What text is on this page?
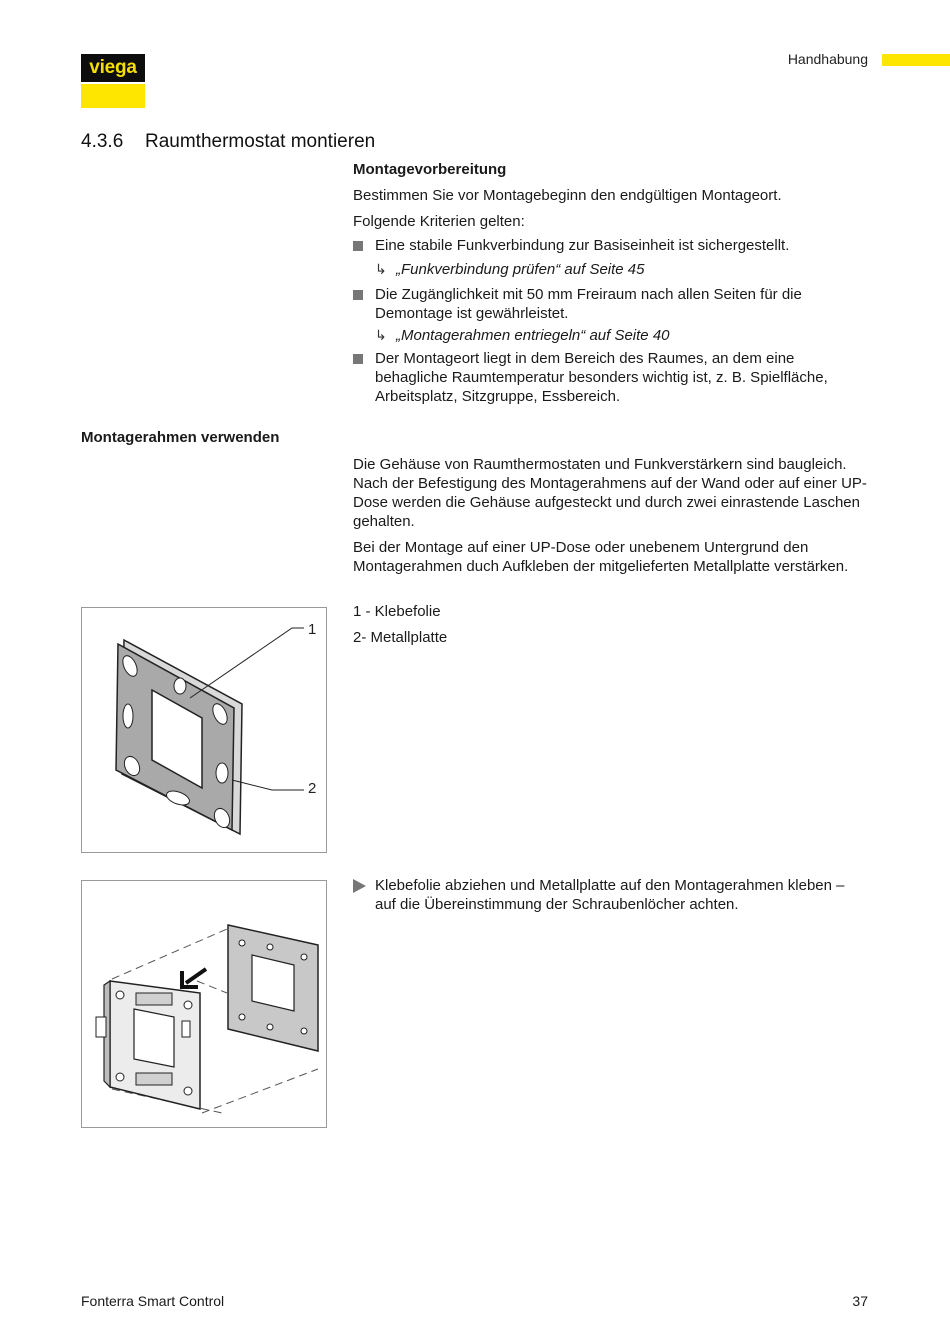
viega	Handhabung
4.3.6 Raumthermostat montieren
Montagevorbereitung
Bestimmen Sie vor Montagebeginn den endgültigen Montageort.
Folgende Kriterien gelten:
Eine stabile Funkverbindung zur Basiseinheit ist sichergestellt.
↳ „Funkverbindung prüfen“ auf Seite 45
Die Zugänglichkeit mit 50 mm Freiraum nach allen Seiten für die Demontage ist gewährleistet.
↳ „Montagerahmen entriegeln“ auf Seite 40
Der Montageort liegt in dem Bereich des Raumes, an dem eine behagliche Raumtemperatur besonders wichtig ist, z. B. Spielfläche, Arbeitsplatz, Sitzgruppe, Essbereich.
Montagerahmen verwenden
Die Gehäuse von Raumthermostaten und Funkverstärkern sind baugleich. Nach der Befestigung des Montagerahmens auf der Wand oder auf einer UP-Dose werden die Gehäuse aufgesteckt und durch zwei einrastende Laschen gehalten.
Bei der Montage auf einer UP-Dose oder unebenem Untergrund den Montagerahmen duch Aufkleben der mitgelieferten Metallplatte verstärken.
1 - Klebefolie
2- Metallplatte
1
2
Klebefolie abziehen und Metallplatte auf den Montagerahmen kleben – auf die Übereinstimmung der Schraubenlöcher achten.
Fonterra Smart Control	37
